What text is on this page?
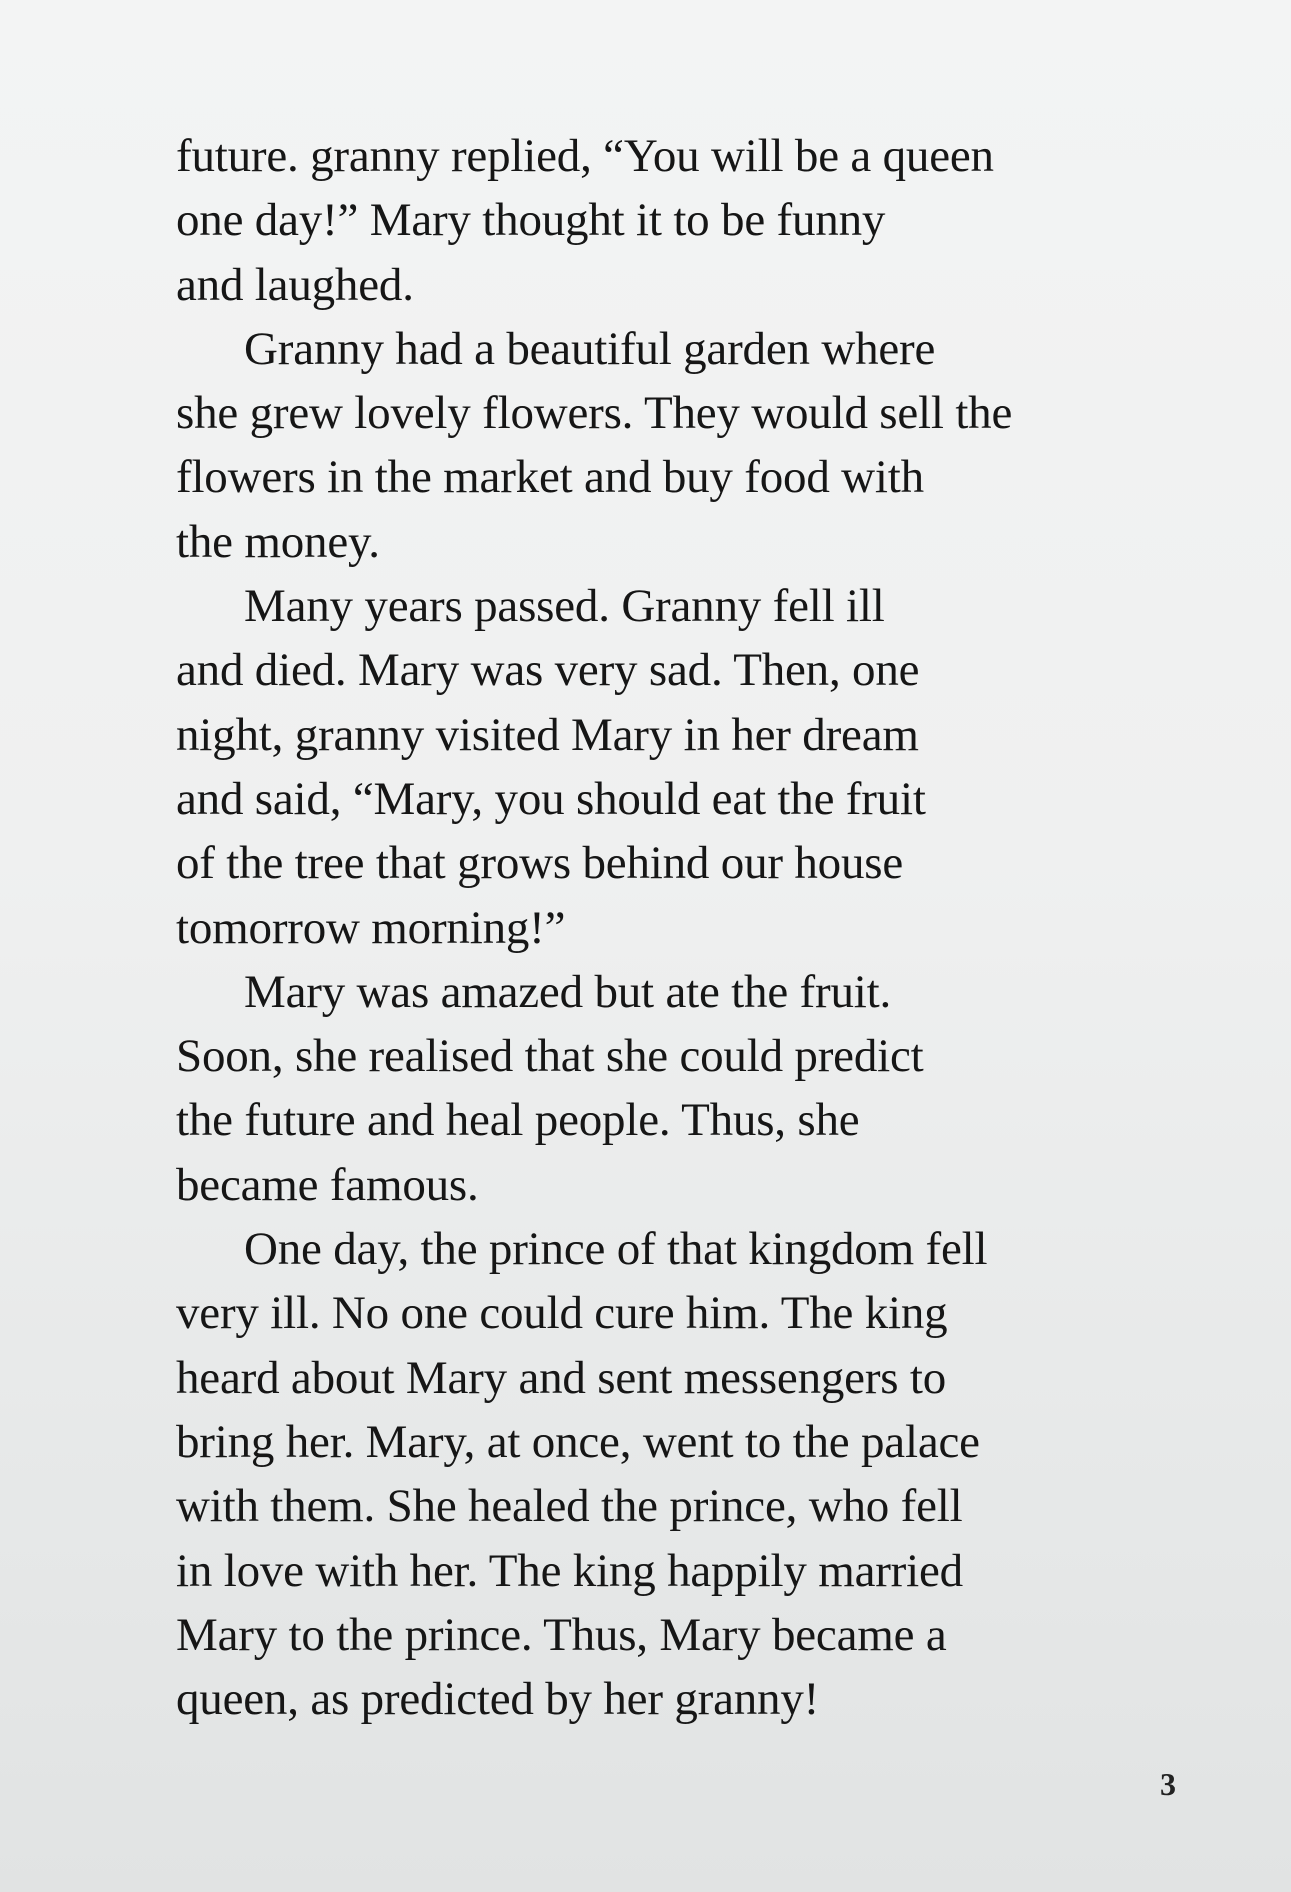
future. granny replied, “You will be a queen
one day!” Mary thought it to be funny
and laughed.
Granny had a beautiful garden where
she grew lovely flowers. They would sell the
flowers in the market and buy food with
the money.
Many years passed. Granny fell ill
and died. Mary was very sad. Then, one
night, granny visited Mary in her dream
and said, “Mary, you should eat the fruit
of the tree that grows behind our house
tomorrow morning!”
Mary was amazed but ate the fruit.
Soon, she realised that she could predict
the future and heal people. Thus, she
became famous.
One day, the prince of that kingdom fell
very ill. No one could cure him. The king
heard about Mary and sent messengers to
bring her. Mary, at once, went to the palace
with them. She healed the prince, who fell
in love with her. The king happily married
Mary to the prince. Thus, Mary became a
queen, as predicted by her granny!
3
